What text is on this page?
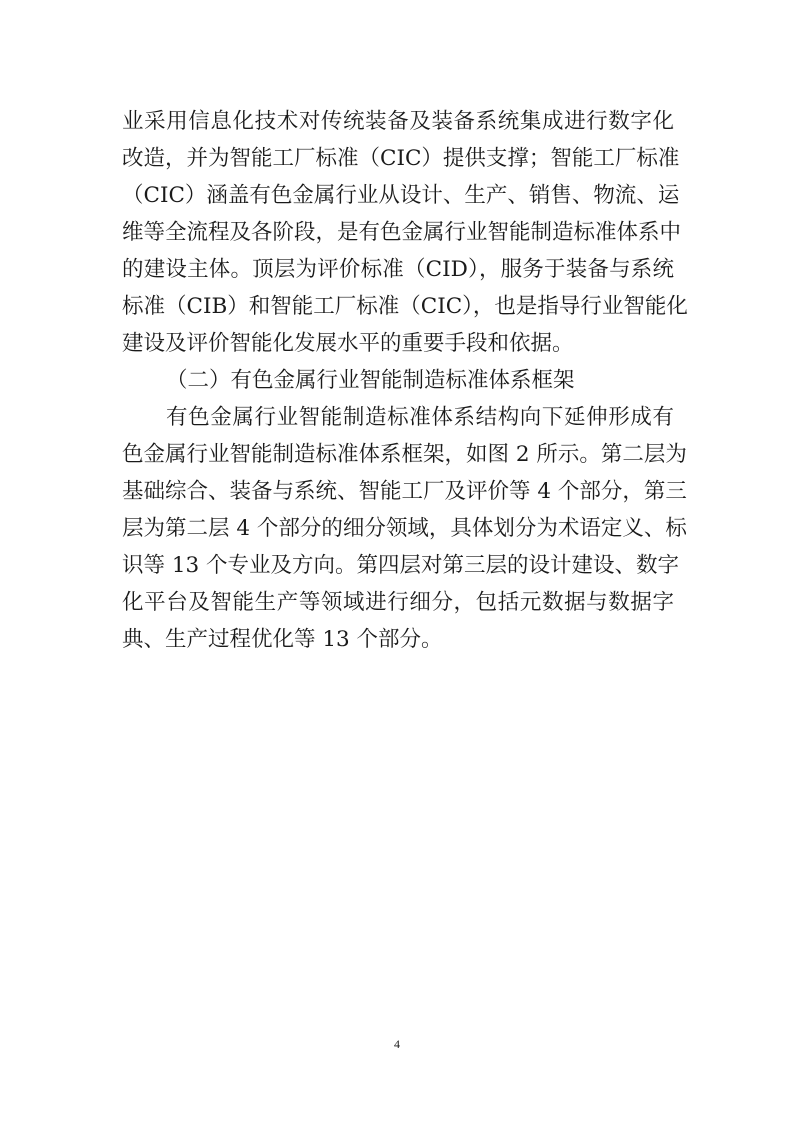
业采用信息化技术对传统装备及装备系统集成进行数字化
改造，并为智能工厂标准（CIC）提供支撑；智能工厂标准
（CIC）涵盖有色金属行业从设计、生产、销售、物流、运
维等全流程及各阶段，是有色金属行业智能制造标准体系中
的建设主体。顶层为评价标准（CID），服务于装备与系统
标准（CIB）和智能工厂标准（CIC），也是指导行业智能化
建设及评价智能化发展水平的重要手段和依据。
（二）有色金属行业智能制造标准体系框架
有色金属行业智能制造标准体系结构向下延伸形成有
色金属行业智能制造标准体系框架，如图 2 所示。第二层为
基础综合、装备与系统、智能工厂及评价等 4 个部分，第三
层为第二层 4 个部分的细分领域，具体划分为术语定义、标
识等 13 个专业及方向。第四层对第三层的设计建设、数字
化平台及智能生产等领域进行细分，包括元数据与数据字
典、生产过程优化等 13 个部分。
4
